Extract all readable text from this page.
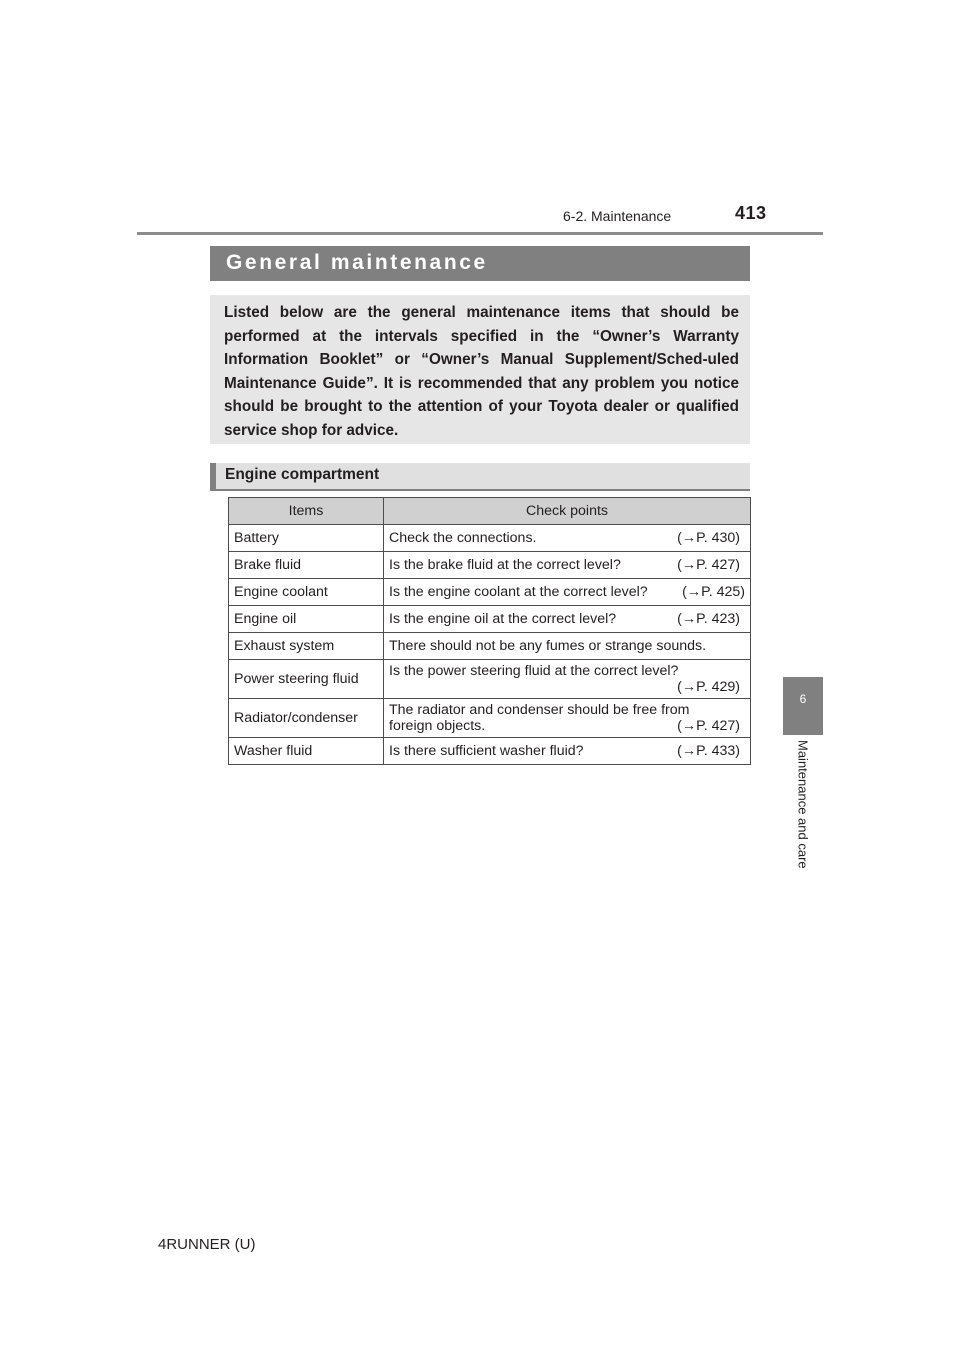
6-2. Maintenance	413
General maintenance
Listed below are the general maintenance items that should be performed at the intervals specified in the “Owner’s Warranty Information Booklet” or “Owner’s Manual Supplement/Sched-uled Maintenance Guide”. It is recommended that any problem you notice should be brought to the attention of your Toyota dealer or qualified service shop for advice.
Engine compartment
Items	Check points
Battery	Check the connections. (→P. 430)

Brake fluid	Is the brake fluid at the correct level? (→P. 427)

Engine coolant	Is the engine coolant at the correct level? (→P. 425)

Engine oil	Is the engine oil at the correct level? (→P. 423)

Exhaust system	There should not be any fumes or strange sounds.
Power steering fluid	Is the power steering fluid at the correct level?
(→P. 429)

Radiator/condenser	The radiator and condenser should be free from
foreign objects. (→P. 427)

Washer fluid	Is there sufficient washer fluid? (→P. 433)
6
Maintenance and care
4RUNNER (U)
